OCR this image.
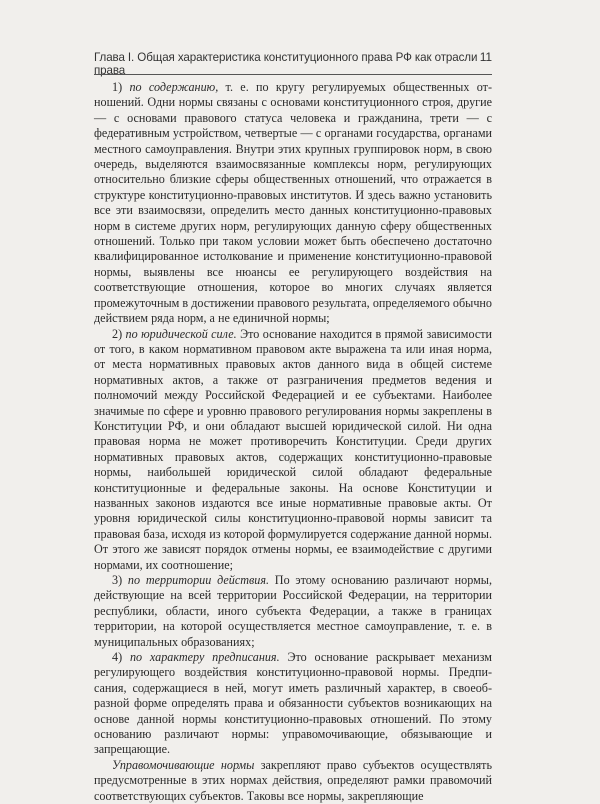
Глава I. Общая характеристика конституционного права РФ как отрасли права
11

1) по содержанию, т. е. по кругу регулируемых общественных отношений. Одни нормы связаны с основами конституционного строя, другие — с основами правового статуса человека и гражданина, трети — с федеративным устройством, четвертые — с органами государства, органами местного самоуправления. Внутри этих крупных группировок норм, в свою очередь, выделяются взаимосвязанные комплексы норм, регулирующих относительно близкие сферы общественных отношений, что отражается в структуре конституционно-правовых институтов. И здесь важно установить все эти взаимосвязи, определить место данных конституционно-правовых норм в системе других норм, регулирующих данную сферу общественных отношений. Только при таком условии может быть обеспечено достаточно квалифицированное истолкование и применение конституционно-правовой нормы, выявлены все нюансы ее регулирующего воздействия на соответствующие отношения, которое во многих случаях является промежуточным в достижении правового результата, определяемого обычно действием ряда норм, а не единичной нормы;

2) по юридической силе. Это основание находится в прямой зависимости от того, в каком нормативном правовом акте выражена та или иная норма, от места нормативных правовых актов данного вида в общей системе нормативных актов, а также от разграничения предметов ведения и полномочий между Российской Федерацией и ее субъектами. Наиболее значимые по сфере и уровню правового регулирования нормы закреплены в Конституции РФ, и они обладают высшей юридической силой. Ни одна правовая норма не может противоречить Конституции. Среди других нормативных правовых актов, содержащих конституционно-правовые нормы, наибольшей юридической силой обладают федеральные конституционные и федеральные законы. На основе Конституции и названных законов издаются все иные нормативные правовые акты. От уровня юридической силы конституционно-правовой нормы зависит та правовая база, исходя из которой формулируется содержание данной нормы. От этого же зависят порядок отмены нормы, ее взаимодействие с другими нормами, их соотношение;

3) по территории действия. По этому основанию различают нормы, действующие на всей территории Российской Федерации, на территории республики, области, иного субъекта Федерации, а также в границах территории, на которой осуществляется местное самоуправление, т. е. в муниципальных образованиях;

4) по характеру предписания. Это основание раскрывает механизм регулирующего воздействия конституционно-правовой нормы. Предписания, содержащиеся в ней, могут иметь различный характер, в своеобразной форме определять права и обязанности субъектов возникающих на основе данной нормы конституционно-правовых отношений. По этому основанию различают нормы: управомочивающие, обязывающие и запрещающие.

Управомочивающие нормы закрепляют право субъектов осуществлять предусмотренные в этих нормах действия, определяют рамки правомочий соответствующих субъектов. Таковы все нормы, закрепляющие
